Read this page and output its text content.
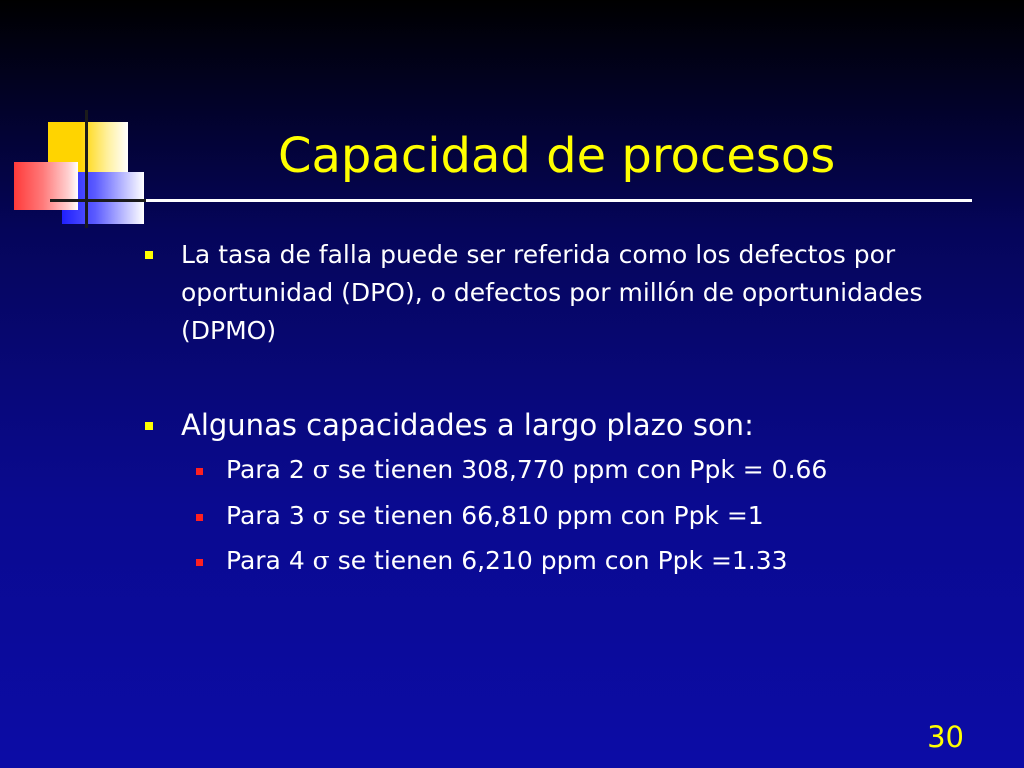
Capacidad de procesos
La tasa de falla puede ser referida como los defectos por oportunidad (DPO), o defectos por millón de oportunidades (DPMO)
Algunas capacidades a largo plazo son:
Para 2 σ se tienen 308,770 ppm con Ppk = 0.66
Para 3 σ se tienen 66,810 ppm con Ppk =1
Para 4 σ se tienen 6,210 ppm con Ppk =1.33
30
